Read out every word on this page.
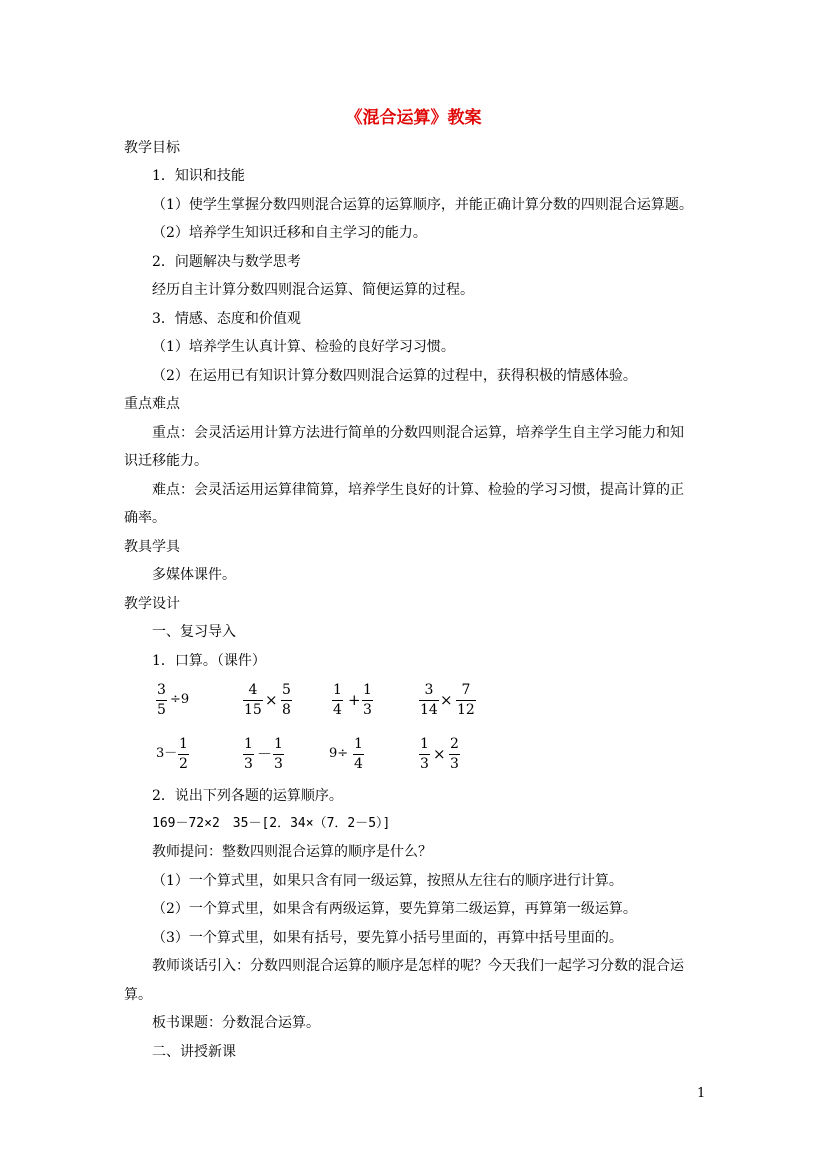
《混合运算》教案
教学目标
1．知识和技能
（1）使学生掌握分数四则混合运算的运算顺序，并能正确计算分数的四则混合运算题。
（2）培养学生知识迁移和自主学习的能力。
2．问题解决与数学思考
经历自主计算分数四则混合运算、简便运算的过程。
3．情感、态度和价值观
（1）培养学生认真计算、检验的良好学习习惯。
（2）在运用已有知识计算分数四则混合运算的过程中，获得积极的情感体验。
重点难点
重点：会灵活运用计算方法进行简单的分数四则混合运算，培养学生自主学习能力和知
识迁移能力。
难点：会灵活运用运算律简算，培养学生良好的计算、检验的学习习惯，提高计算的正
确率。
教具学具
多媒体课件。
教学设计
一、复习导入
1．口算。（课件）
3
5
÷9
4
15
×
5
8
1
4
+
1
3
3
14
×
7
12
3－
1
2
1
3
－
1
3
9÷
1
4
1
3
×
2
3
2．说出下列各题的运算顺序。
169－72×2　35－[2．34×（7．2－5）]
教师提问：整数四则混合运算的顺序是什么？
（1）一个算式里，如果只含有同一级运算，按照从左往右的顺序进行计算。
（2）一个算式里，如果含有两级运算，要先算第二级运算，再算第一级运算。
（3）一个算式里，如果有括号，要先算小括号里面的，再算中括号里面的。
教师谈话引入：分数四则混合运算的顺序是怎样的呢？今天我们一起学习分数的混合运
算。
板书课题：分数混合运算。
二、讲授新课
1
